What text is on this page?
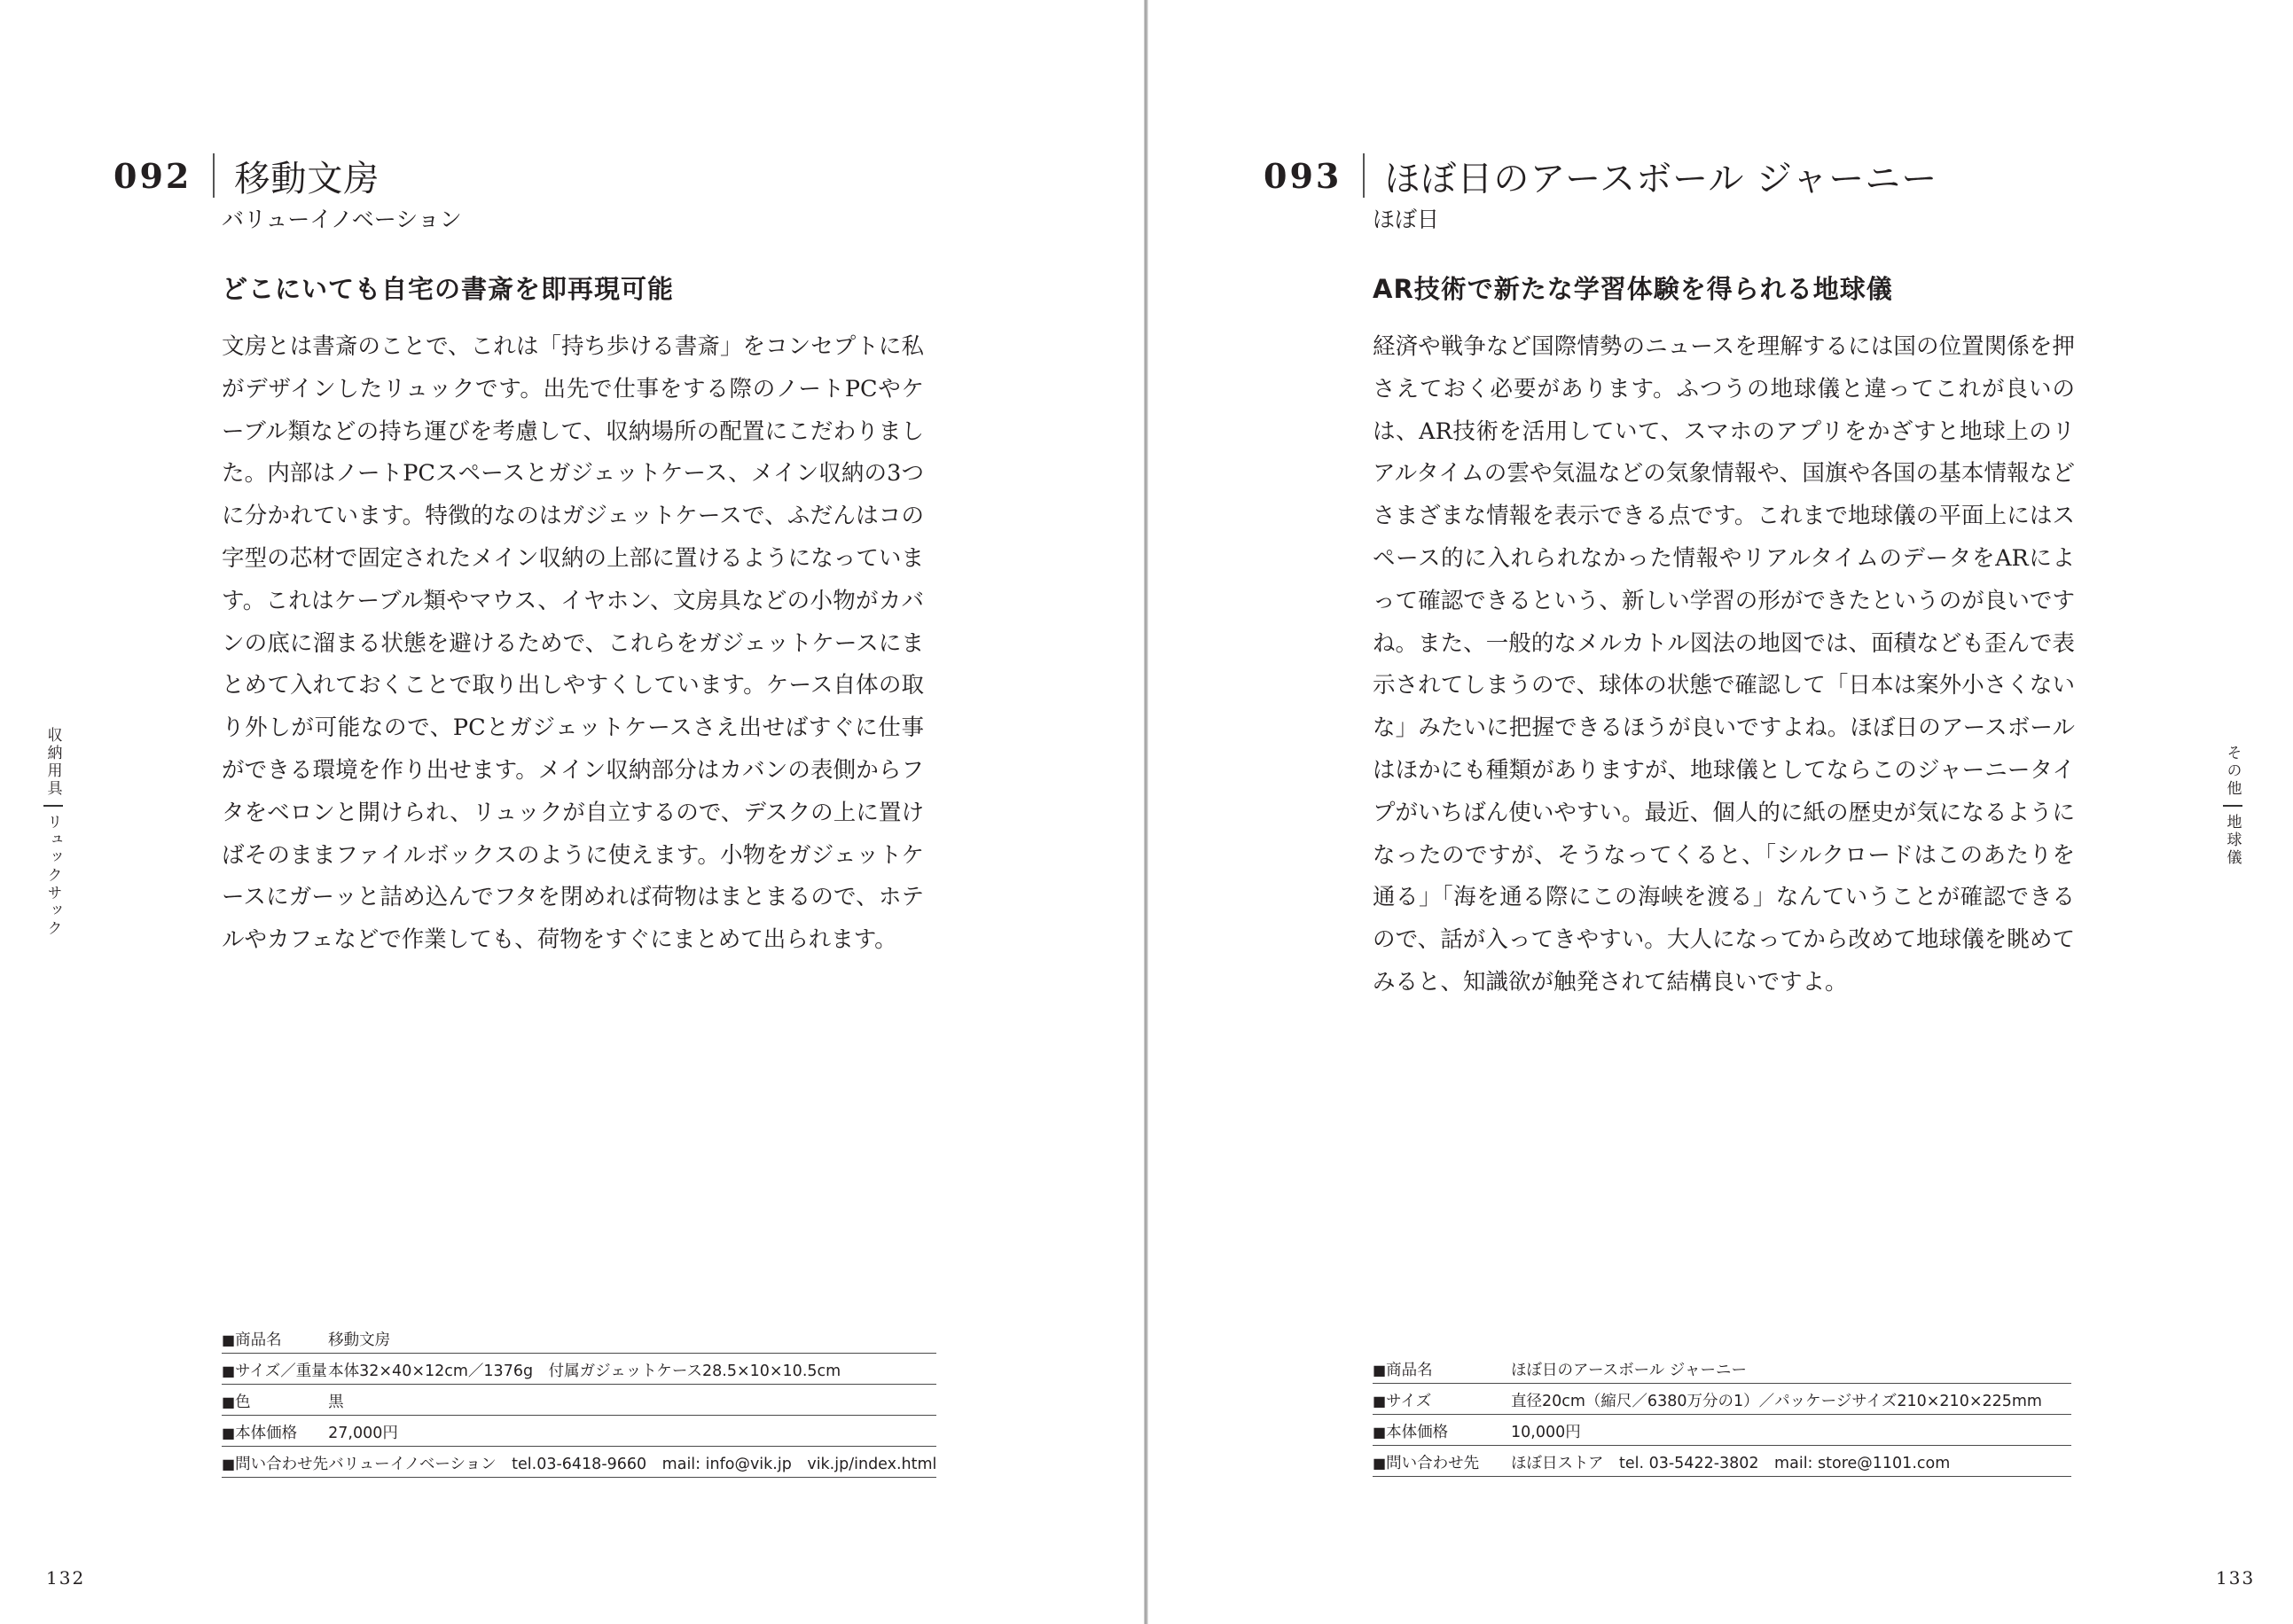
092 移動文房
バリューイノベーション
どこにいても自宅の書斎を即再現可能
文房とは書斎のことで、これは「持ち歩ける書斎」をコンセプトに私がデザインしたリュックです。出先で仕事をする際のノートPCやケーブル類などの持ち運びを考慮して、収納場所の配置にこだわりました。内部はノートPCスペースとガジェットケース、メイン収納の3つに分かれています。特徴的なのはガジェットケースで、ふだんはコの字型の芯材で固定されたメイン収納の上部に置けるようになっています。これはケーブル類やマウス、イヤホン、文房具などの小物がカバンの底に溜まる状態を避けるためで、これらをガジェットケースにまとめて入れておくことで取り出しやすくしています。ケース自体の取り外しが可能なので、PCとガジェットケースさえ出せばすぐに仕事ができる環境を作り出せます。メイン収納部分はカバンの表側からフタをベロンと開けられ、リュックが自立するので、デスクの上に置けばそのままファイルボックスのように使えます。小物をガジェットケースにガーッと詰め込んでフタを閉めれば荷物はまとまるので、ホテルやカフェなどで作業しても、荷物をすぐにまとめて出られます。
■ 商品名	移動文房
■ サイズ／重量	本体32×40×12cm／1376g　付属ガジェットケース28.5×10×10.5cm
■ 色	黒
■ 本体価格	27,000円
■ 問い合わせ先	バリューイノベーション　tel.03-6418-9660　mail: info@vik.jp　vik.jp/index.html
収納用具
リュックサック
132
093 ほぼ日のアースボール ジャーニー
ほぼ日
AR技術で新たな学習体験を得られる地球儀
経済や戦争など国際情勢のニュースを理解するには国の位置関係を押さえておく必要があります。ふつうの地球儀と違ってこれが良いのは、AR技術を活用していて、スマホのアプリをかざすと地球上のリアルタイムの雲や気温などの気象情報や、国旗や各国の基本情報などさまざまな情報を表示できる点です。これまで地球儀の平面上にはスペース的に入れられなかった情報やリアルタイムのデータをARによって確認できるという、新しい学習の形ができたというのが良いですね。また、一般的なメルカトル図法の地図では、面積なども歪んで表示されてしまうので、球体の状態で確認して「日本は案外小さくないな」みたいに把握できるほうが良いですよね。ほぼ日のアースボールはほかにも種類がありますが、地球儀としてならこのジャーニータイプがいちばん使いやすい。最近、個人的に紙の歴史が気になるようになったのですが、そうなってくると、「シルクロードはこのあたりを通る」「海を通る際にこの海峡を渡る」なんていうことが確認できるので、話が入ってきやすい。大人になってから改めて地球儀を眺めてみると、知識欲が触発されて結構良いですよ。
■ 商品名	ほぼ日のアースボール ジャーニー
■ サイズ	直径20cm（縮尺／6380万分の1）／パッケージサイズ210×210×225mm
■ 本体価格	10,000円
■ 問い合わせ先	ほぼ日ストア　tel. 03-5422-3802　mail: store@1101.com
その他
地球儀
133
